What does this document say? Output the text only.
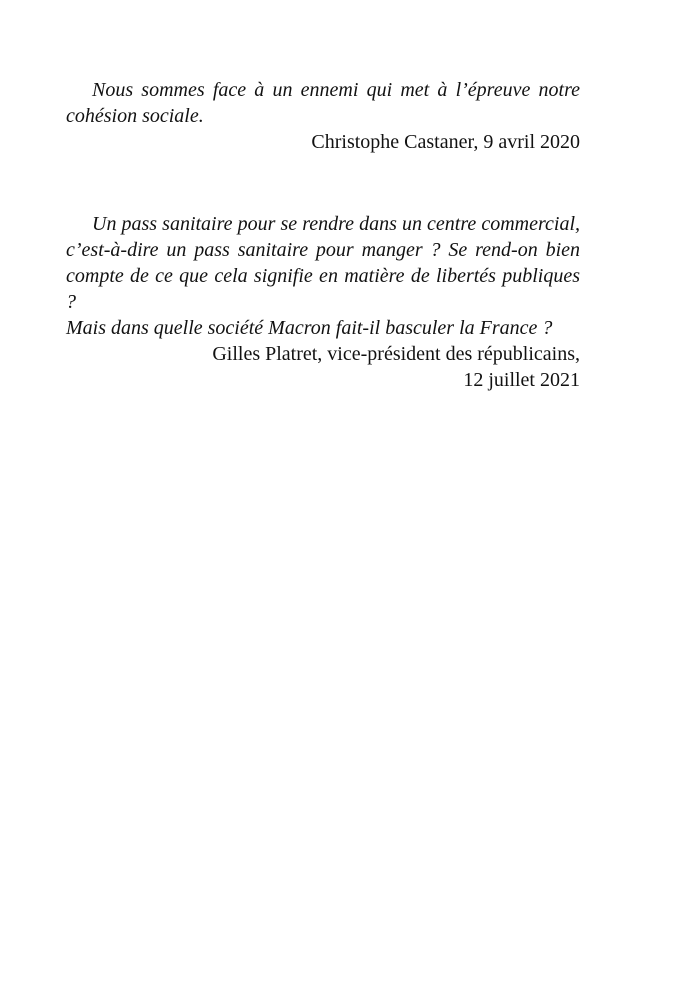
Nous sommes face à un ennemi qui met à l’épreuve notre
cohésion sociale.

Christophe Castaner, 9 avril 2020

Un pass sanitaire pour se rendre dans un centre commercial,
c’est-à-dire un pass sanitaire pour manger ? Se rend-on bien
compte de ce que cela signifie en matière de libertés publiques ?
Mais dans quelle société Macron fait-il basculer la France ?

Gilles Platret, vice-président des républicains,
12 juillet 2021
